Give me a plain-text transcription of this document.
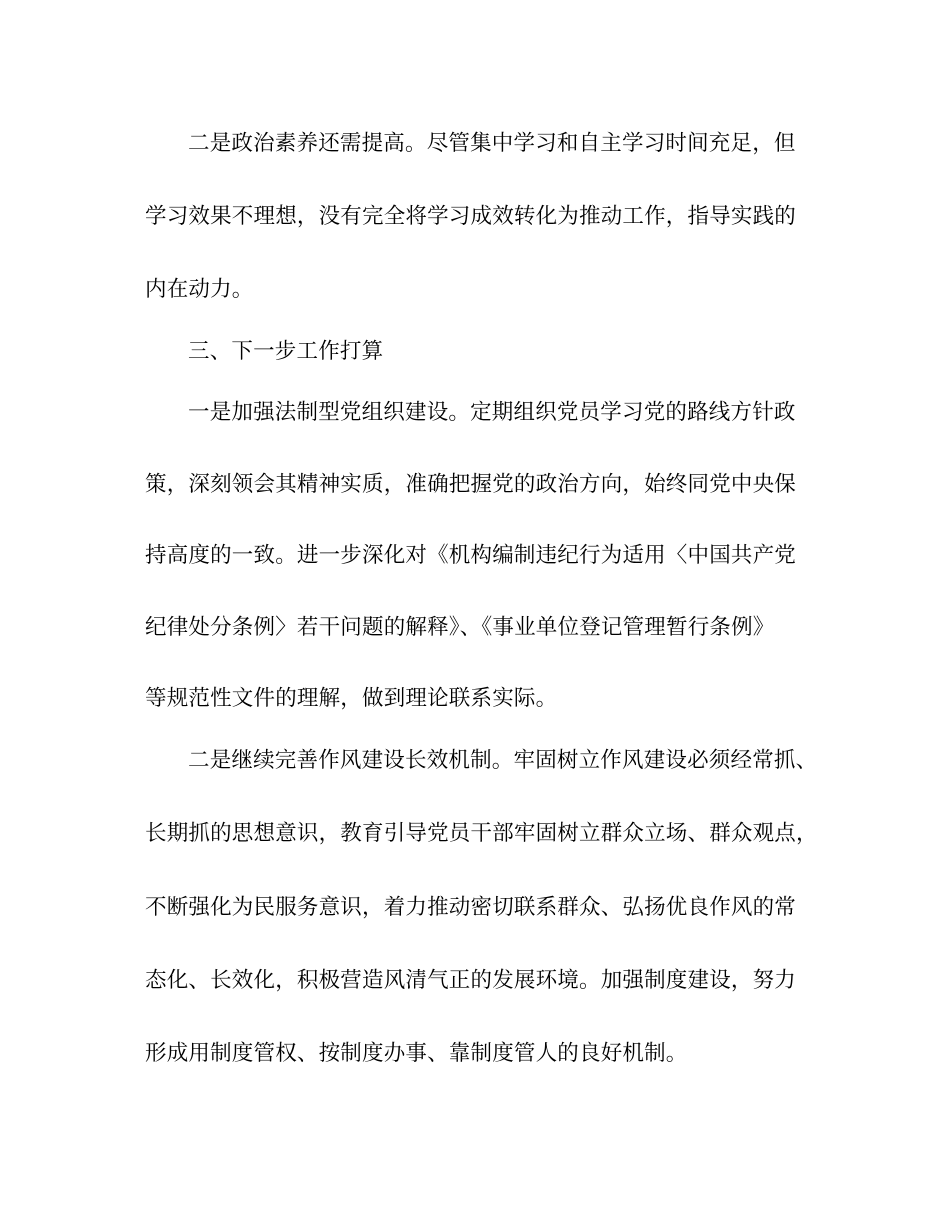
二是政治素养还需提高。尽管集中学习和自主学习时间充足，但
学习效果不理想，没有完全将学习成效转化为推动工作，指导实践的
内在动力。
三、下一步工作打算
一是加强法制型党组织建设。定期组织党员学习党的路线方针政
策，深刻领会其精神实质，准确把握党的政治方向，始终同党中央保
持高度的一致。进一步深化对《机构编制违纪行为适用〈中国共产党
纪律处分条例〉若干问题的解释》、《事业单位登记管理暂行条例》
等规范性文件的理解，做到理论联系实际。
二是继续完善作风建设长效机制。牢固树立作风建设必须经常抓、
长期抓的思想意识，教育引导党员干部牢固树立群众立场、群众观点，
不断强化为民服务意识，着力推动密切联系群众、弘扬优良作风的常
态化、长效化，积极营造风清气正的发展环境。加强制度建设，努力
形成用制度管权、按制度办事、靠制度管人的良好机制。
